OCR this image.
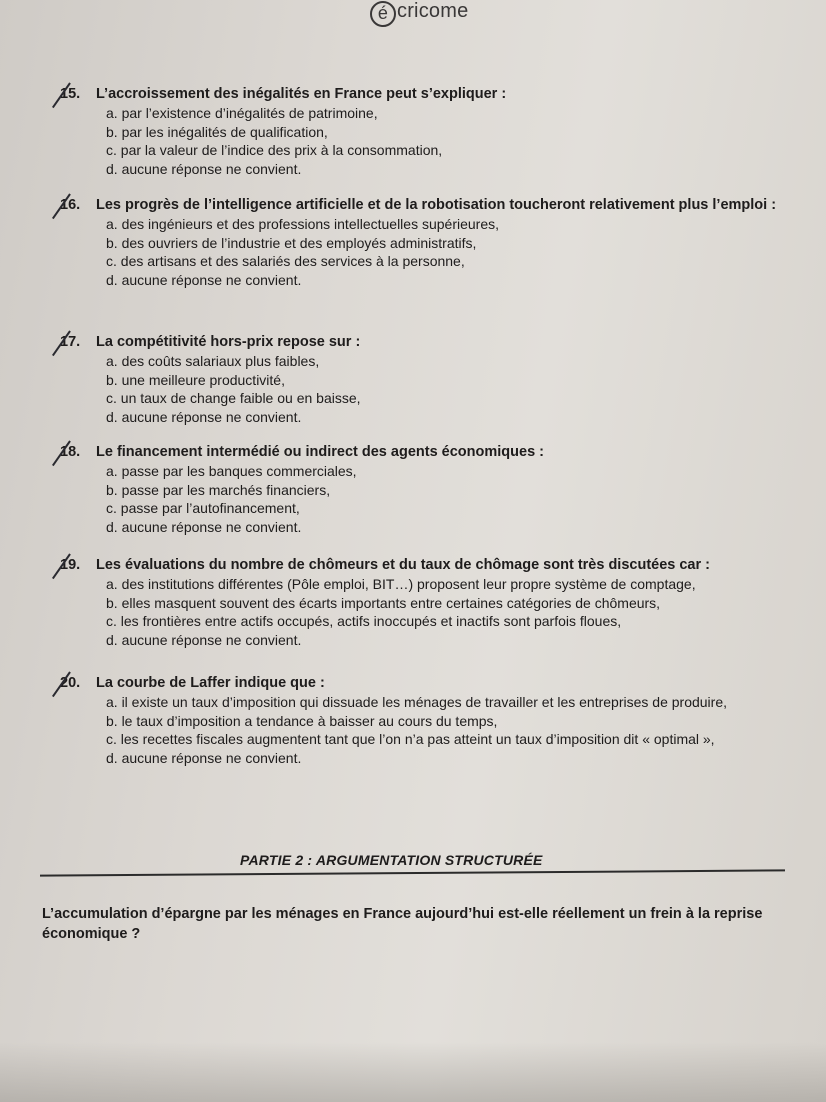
é cricome
15. L’accroissement des inégalités en France peut s’expliquer :
a. par l’existence d’inégalités de patrimoine,
b. par les inégalités de qualification,
c. par la valeur de l’indice des prix à la consommation,
d. aucune réponse ne convient.
16. Les progrès de l’intelligence artificielle et de la robotisation toucheront relativement plus l’emploi :
a. des ingénieurs et des professions intellectuelles supérieures,
b. des ouvriers de l’industrie et des employés administratifs,
c. des artisans et des salariés des services à la personne,
d. aucune réponse ne convient.
17. La compétitivité hors-prix repose sur :
a. des coûts salariaux plus faibles,
b. une meilleure productivité,
c. un taux de change faible ou en baisse,
d. aucune réponse ne convient.
18. Le financement intermédié ou indirect des agents économiques :
a. passe par les banques commerciales,
b. passe par les marchés financiers,
c. passe par l’autofinancement,
d. aucune réponse ne convient.
19. Les évaluations du nombre de chômeurs et du taux de chômage sont très discutées car :
a. des institutions différentes (Pôle emploi, BIT…) proposent leur propre système de comptage,
b. elles masquent souvent des écarts importants entre certaines catégories de chômeurs,
c. les frontières entre actifs occupés, actifs inoccupés et inactifs sont parfois floues,
d. aucune réponse ne convient.
20. La courbe de Laffer indique que :
a. il existe un taux d’imposition qui dissuade les ménages de travailler et les entreprises de produire,
b. le taux d’imposition a tendance à baisser au cours du temps,
c. les recettes fiscales augmentent tant que l’on n’a pas atteint un taux d’imposition dit « optimal »,
d. aucune réponse ne convient.
PARTIE 2 : ARGUMENTATION STRUCTURÉE
L’accumulation d’épargne par les ménages en France aujourd’hui est-elle réellement un frein à la reprise économique ?
